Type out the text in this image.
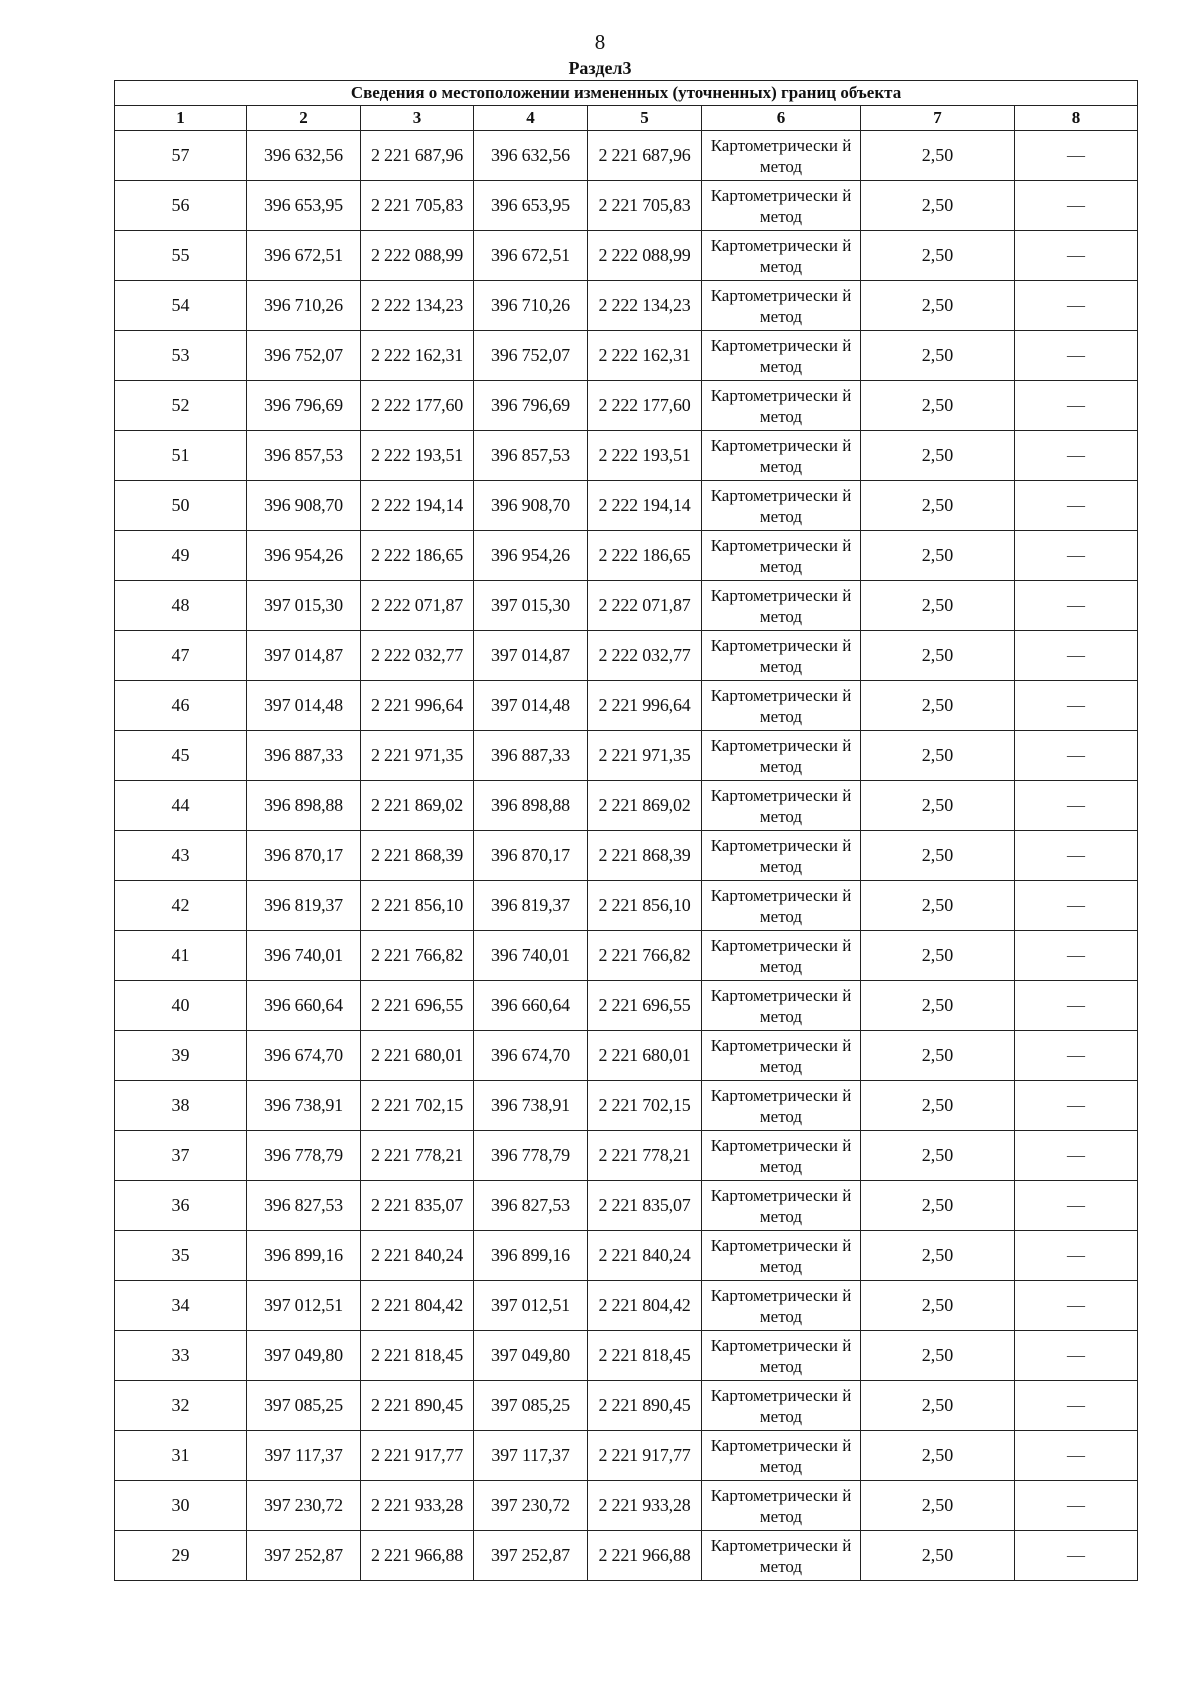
8
Раздел3
Сведения о местоположении измененных (уточненных) границ объекта							
1	2	3	4	5	6	7	8
57	396 632,56	2 221 687,96	396 632,56	2 221 687,96	Картометрически й метод	2,50	—
56	396 653,95	2 221 705,83	396 653,95	2 221 705,83	Картометрически й метод	2,50	—
55	396 672,51	2 222 088,99	396 672,51	2 222 088,99	Картометрически й метод	2,50	—
54	396 710,26	2 222 134,23	396 710,26	2 222 134,23	Картометрически й метод	2,50	—
53	396 752,07	2 222 162,31	396 752,07	2 222 162,31	Картометрически й метод	2,50	—
52	396 796,69	2 222 177,60	396 796,69	2 222 177,60	Картометрически й метод	2,50	—
51	396 857,53	2 222 193,51	396 857,53	2 222 193,51	Картометрически й метод	2,50	—
50	396 908,70	2 222 194,14	396 908,70	2 222 194,14	Картометрически й метод	2,50	—
49	396 954,26	2 222 186,65	396 954,26	2 222 186,65	Картометрически й метод	2,50	—
48	397 015,30	2 222 071,87	397 015,30	2 222 071,87	Картометрически й метод	2,50	—
47	397 014,87	2 222 032,77	397 014,87	2 222 032,77	Картометрически й метод	2,50	—
46	397 014,48	2 221 996,64	397 014,48	2 221 996,64	Картометрически й метод	2,50	—
45	396 887,33	2 221 971,35	396 887,33	2 221 971,35	Картометрически й метод	2,50	—
44	396 898,88	2 221 869,02	396 898,88	2 221 869,02	Картометрически й метод	2,50	—
43	396 870,17	2 221 868,39	396 870,17	2 221 868,39	Картометрически й метод	2,50	—
42	396 819,37	2 221 856,10	396 819,37	2 221 856,10	Картометрически й метод	2,50	—
41	396 740,01	2 221 766,82	396 740,01	2 221 766,82	Картометрически й метод	2,50	—
40	396 660,64	2 221 696,55	396 660,64	2 221 696,55	Картометрически й метод	2,50	—
39	396 674,70	2 221 680,01	396 674,70	2 221 680,01	Картометрически й метод	2,50	—
38	396 738,91	2 221 702,15	396 738,91	2 221 702,15	Картометрически й метод	2,50	—
37	396 778,79	2 221 778,21	396 778,79	2 221 778,21	Картометрически й метод	2,50	—
36	396 827,53	2 221 835,07	396 827,53	2 221 835,07	Картометрически й метод	2,50	—
35	396 899,16	2 221 840,24	396 899,16	2 221 840,24	Картометрически й метод	2,50	—
34	397 012,51	2 221 804,42	397 012,51	2 221 804,42	Картометрически й метод	2,50	—
33	397 049,80	2 221 818,45	397 049,80	2 221 818,45	Картометрически й метод	2,50	—
32	397 085,25	2 221 890,45	397 085,25	2 221 890,45	Картометрически й метод	2,50	—
31	397 117,37	2 221 917,77	397 117,37	2 221 917,77	Картометрически й метод	2,50	—
30	397 230,72	2 221 933,28	397 230,72	2 221 933,28	Картометрически й метод	2,50	—
29	397 252,87	2 221 966,88	397 252,87	2 221 966,88	Картометрически й метод	2,50	—
